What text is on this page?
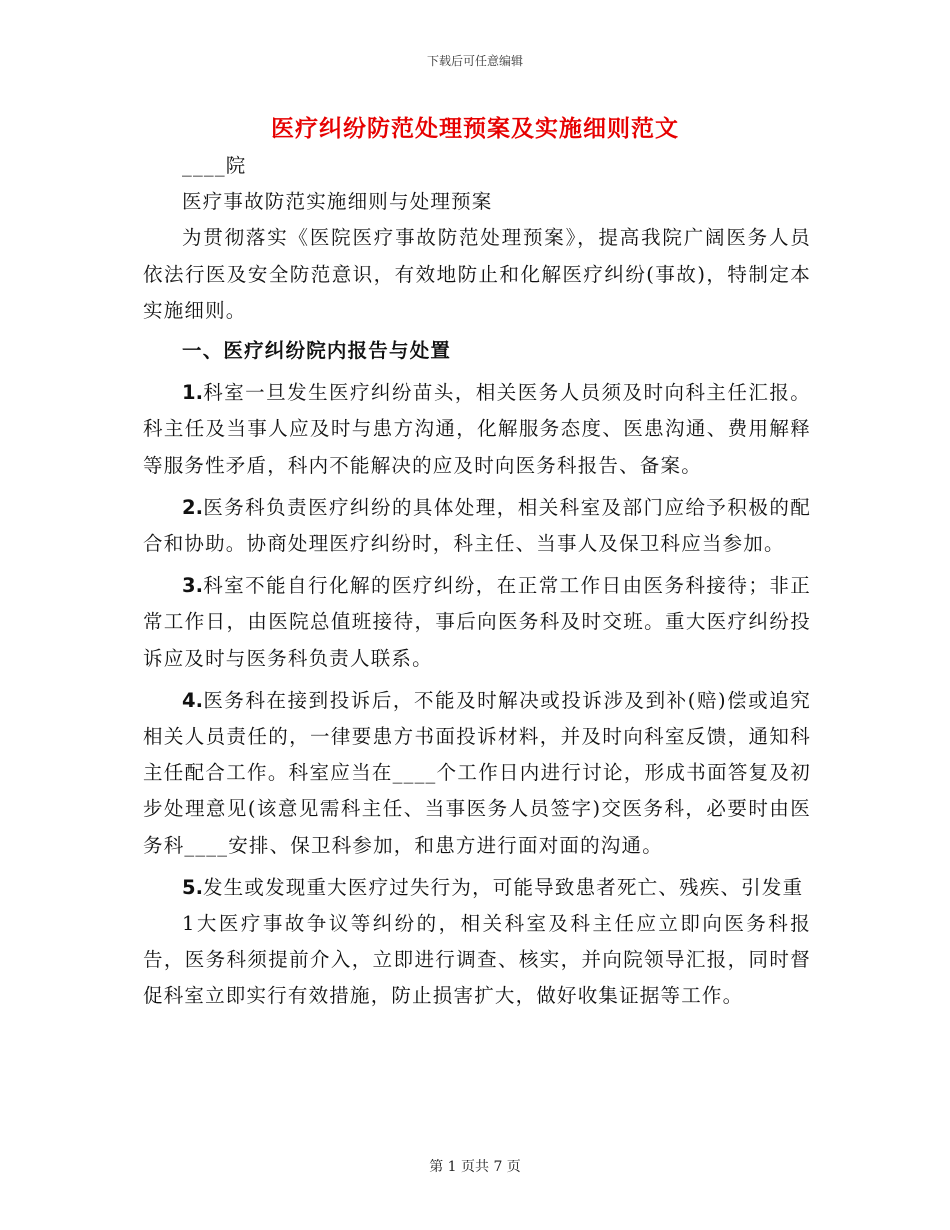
下载后可任意编辑
医疗纠纷防范处理预案及实施细则范文

____院

医疗事故防范实施细则与处理预案

为贯彻落实《医院医疗事故防范处理预案》，提高我院广阔医务人员依法行医及安全防范意识，有效地防止和化解医疗纠纷(事故)，特制定本实施细则。

一、医疗纠纷院内报告与处置

1.科室一旦发生医疗纠纷苗头，相关医务人员须及时向科主任汇报。科主任及当事人应及时与患方沟通，化解服务态度、医患沟通、费用解释等服务性矛盾，科内不能解决的应及时向医务科报告、备案。

2.医务科负责医疗纠纷的具体处理，相关科室及部门应给予积极的配合和协助。协商处理医疗纠纷时，科主任、当事人及保卫科应当参加。

3.科室不能自行化解的医疗纠纷，在正常工作日由医务科接待；非正常工作日，由医院总值班接待，事后向医务科及时交班。重大医疗纠纷投诉应及时与医务科负责人联系。

4.医务科在接到投诉后，不能及时解决或投诉涉及到补(赔)偿或追究相关人员责任的，一律要患方书面投诉材料，并及时向科室反馈，通知科主任配合工作。科室应当在____个工作日内进行讨论，形成书面答复及初步处理意见(该意见需科主任、当事医务人员签字)交医务科，必要时由医务科____安排、保卫科参加，和患方进行面对面的沟通。

5.发生或发现重大医疗过失行为，可能导致患者死亡、残疾、引发重

1大医疗事故争议等纠纷的，相关科室及科主任应立即向医务科报告，医务科须提前介入，立即进行调查、核实，并向院领导汇报，同时督促科室立即实行有效措施，防止损害扩大，做好收集证据等工作。

第 1 页共 7 页
